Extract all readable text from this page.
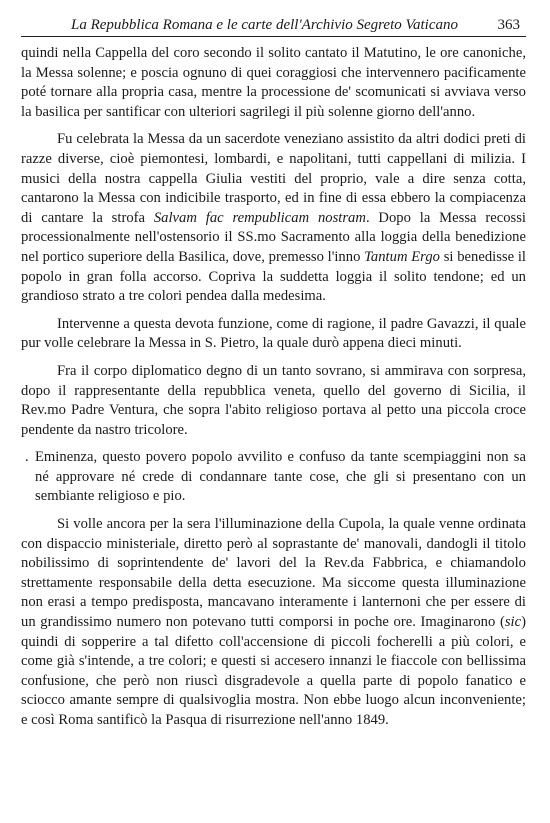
La Repubblica Romana e le carte dell'Archivio Segreto Vaticano	363

quindi nella Cappella del coro secondo il solito cantato il Matutino, le ore canoniche, la Messa solenne; e poscia ognuno di quei coraggiosi che intervennero pacificamente poté tornare alla propria casa, mentre la processione de' scomunicati si avviava verso la basilica per santificar con ulteriori sagrilegi il più solenne giorno dell'anno.

Fu celebrata la Messa da un sacerdote veneziano assistito da altri dodici preti di razze diverse, cioè piemontesi, lombardi, e napolitani, tutti cappellani di milizia. I musici della nostra cappella Giulia vestiti del proprio, vale a dire senza cotta, cantarono la Messa con indicibile trasporto, ed in fine di essa ebbero la compiacenza di cantare la strofa Salvam fac rempublicam nostram. Dopo la Messa recossi processionalmente nell'ostensorio il SS.mo Sacramento alla loggia della benedizione nel portico superiore della Basilica, dove, premesso l'inno Tantum Ergo si benedisse il popolo in gran folla accorso. Copriva la suddetta loggia il solito tendone; ed un grandioso strato a tre colori pendea dalla medesima.

Intervenne a questa devota funzione, come di ragione, il padre Gavazzi, il quale pur volle celebrare la Messa in S. Pietro, la quale durò appena dieci minuti.

Fra il corpo diplomatico degno di un tanto sovrano, si ammirava con sorpresa, dopo il rappresentante della repubblica veneta, quello del governo di Sicilia, il Rev.mo Padre Ventura, che sopra l'abito religioso portava al petto una piccola croce pendente da nastro tricolore.

. Eminenza, questo povero popolo avvilito e confuso da tante scempiaggini non sa né approvare né crede di condannare tante cose, che gli si presentano con un sembiante religioso e pio.

Si volle ancora per la sera l'illuminazione della Cupola, la quale venne ordinata con dispaccio ministeriale, diretto però al soprastante de' manovali, dandogli il titolo nobilissimo di soprintendente de' lavori del la Rev.da Fabbrica, e chiamandolo strettamente responsabile della detta esecuzione. Ma siccome questa illuminazione non erasi a tempo predisposta, mancavano interamente i lanternoni che per essere di un grandissimo numero non potevano tutti comporsi in poche ore. Imaginarono (sic) quindi di sopperire a tal difetto coll'accensione di piccoli focherelli a più colori, e come già s'intende, a tre colori; e questi si accesero innanzi le fiaccole con bellissima confusione, che però non riuscì disgradevole a quella parte di popolo fanatico e sciocco amante sempre di qualsivoglia mostra. Non ebbe luogo alcun inconveniente; e così Roma santificò la Pasqua di risurrezione nell'anno 1849.
